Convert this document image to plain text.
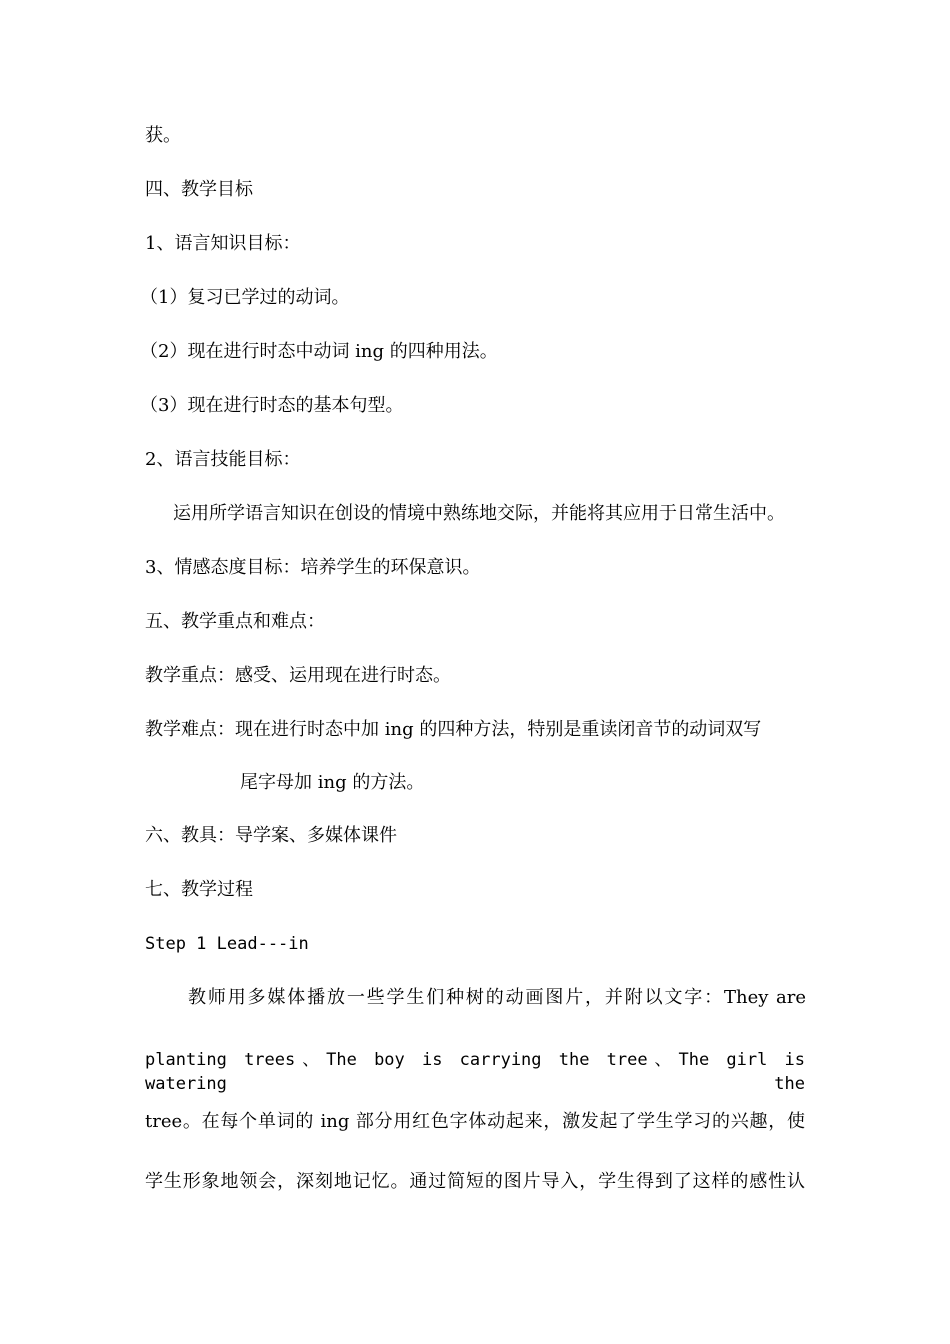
获。

四、教学目标

1、语言知识目标：

（1）复习已学过的动词。

（2）现在进行时态中动词 ing 的四种用法。

（3）现在进行时态的基本句型。

2、语言技能目标：

运用所学语言知识在创设的情境中熟练地交际，并能将其应用于日常生活中。

3、情感态度目标：培养学生的环保意识。

五、教学重点和难点：

教学重点：感受、运用现在进行时态。

教学难点：现在进行时态中加 ing 的四种方法，特别是重读闭音节的动词双写

尾字母加 ing 的方法。

六、教具：导学案、多媒体课件

七、教学过程

Step 1 Lead---in

教师用多媒体播放一些学生们种树的动画图片，并附以文字：They are

planting trees、The boy is carrying the tree、The girl is watering the

tree。在每个单词的 ing 部分用红色字体动起来，激发起了学生学习的兴趣，使

学生形象地领会，深刻地记忆。通过简短的图片导入，学生得到了这样的感性认
